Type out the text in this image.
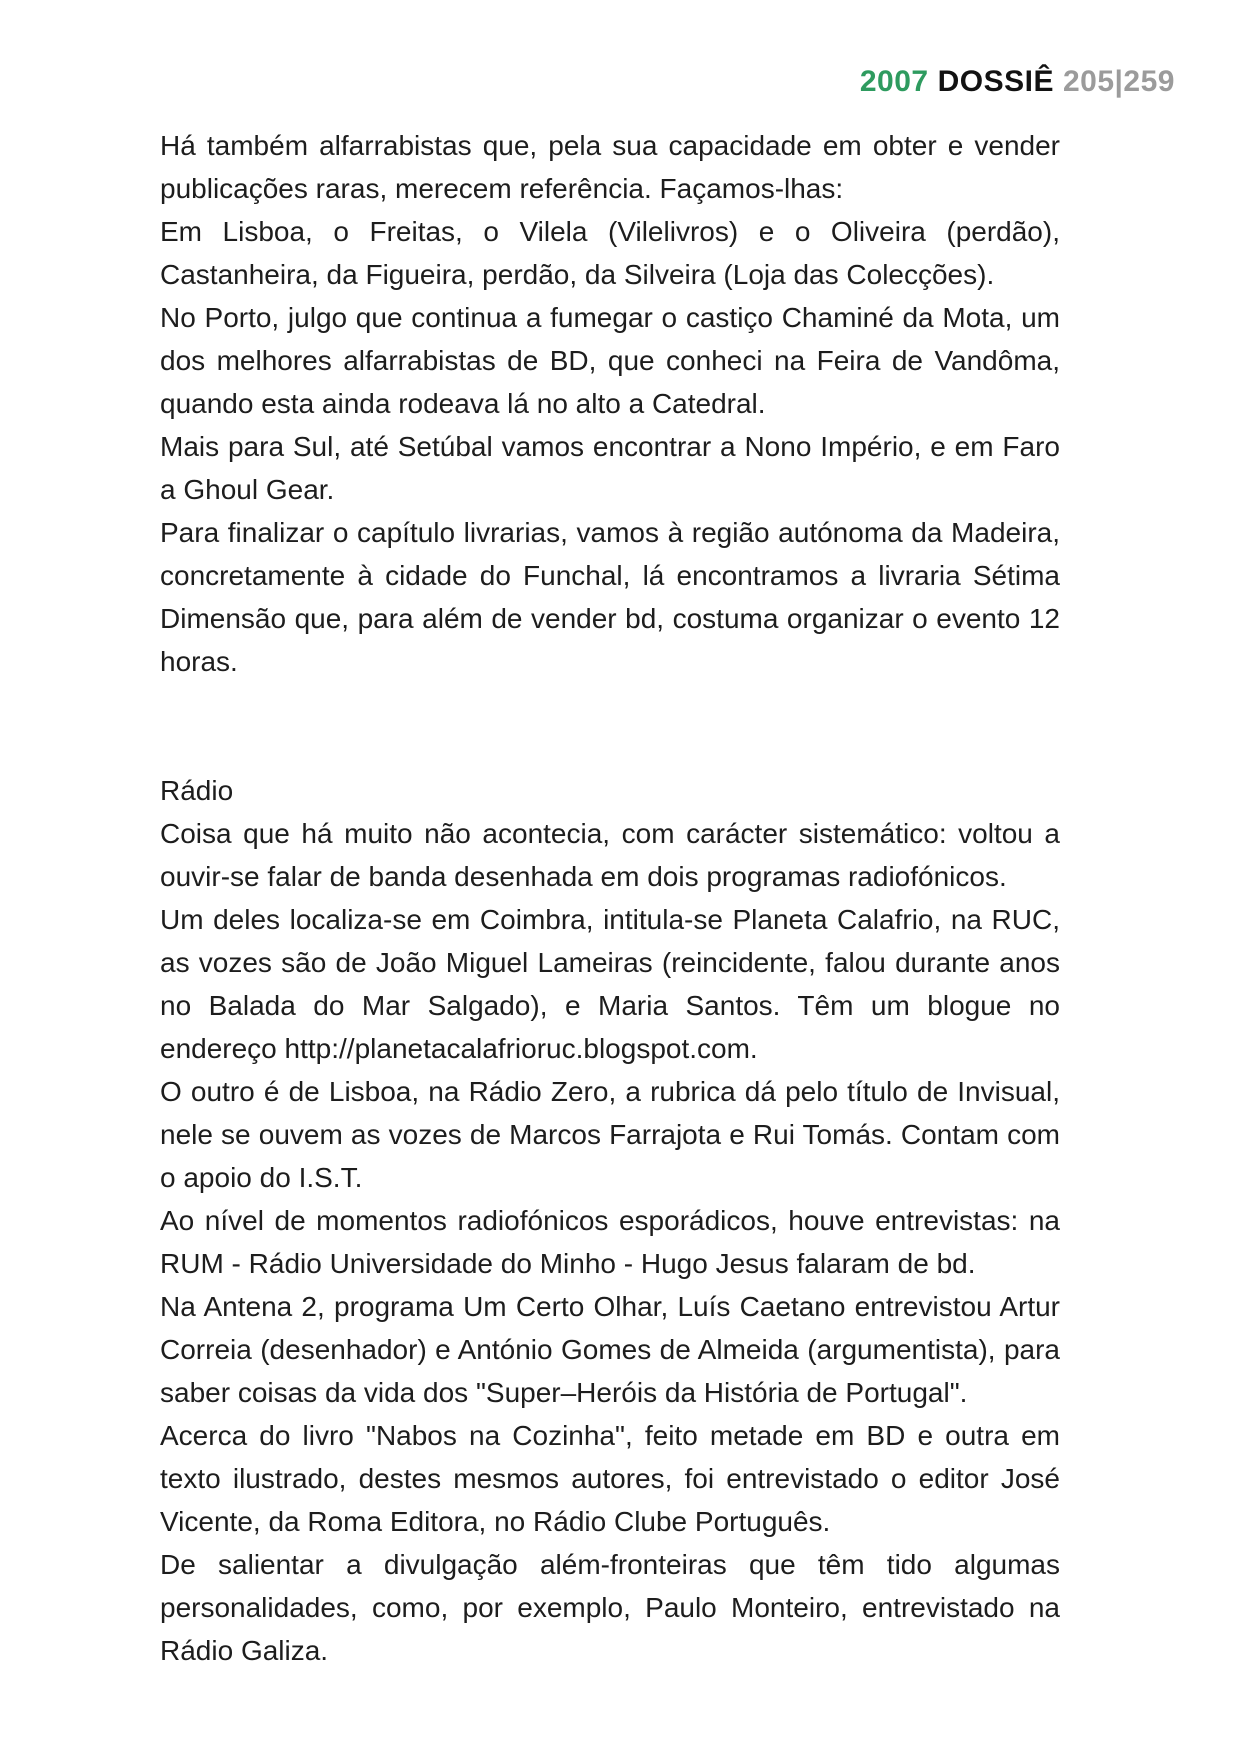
2007 DOSSIÊ 205|259

Há também alfarrabistas que, pela sua capacidade em obter e vender publicações raras, merecem referência. Façamos-lhas:

Em Lisboa, o Freitas, o Vilela (Vilelivros) e o Oliveira (perdão), Castanheira, da Figueira, perdão, da Silveira (Loja das Colecções).

No Porto, julgo que continua a fumegar o castiço Chaminé da Mota, um dos melhores alfarrabistas de BD, que conheci na Feira de Vandôma, quando esta ainda rodeava lá no alto a Catedral.

Mais para Sul, até Setúbal vamos encontrar a Nono Império, e em Faro a Ghoul Gear.

Para finalizar o capítulo livrarias, vamos à região autónoma da Madeira, concretamente à cidade do Funchal, lá encontramos a livraria Sétima Dimensão que, para além de vender bd, costuma organizar o evento 12 horas.

Rádio

Coisa que há muito não acontecia, com carácter sistemático: voltou a ouvir-se falar de banda desenhada em dois programas radiofónicos.

Um deles localiza-se em Coimbra, intitula-se Planeta Calafrio, na RUC, as vozes são de João Miguel Lameiras (reincidente, falou durante anos no Balada do Mar Salgado), e Maria Santos. Têm um blogue no endereço http://planetacalafrioruc.blogspot.com.

O outro é de Lisboa, na Rádio Zero, a rubrica dá pelo título de Invisual, nele se ouvem as vozes de Marcos Farrajota e Rui Tomás. Contam com o apoio do I.S.T.

Ao nível de momentos radiofónicos esporádicos, houve entrevistas: na RUM - Rádio Universidade do Minho - Hugo Jesus falaram de bd.

Na Antena 2, programa Um Certo Olhar, Luís Caetano entrevistou Artur Correia (desenhador) e António Gomes de Almeida (argumentista), para saber coisas da vida dos "Super–Heróis da História de Portugal".

Acerca do livro "Nabos na Cozinha", feito metade em BD e outra em texto ilustrado, destes mesmos autores, foi entrevistado o editor José Vicente, da Roma Editora, no Rádio Clube Português.

De salientar a divulgação além-fronteiras que têm tido algumas personalidades, como, por exemplo, Paulo Monteiro, entrevistado na Rádio Galiza.
